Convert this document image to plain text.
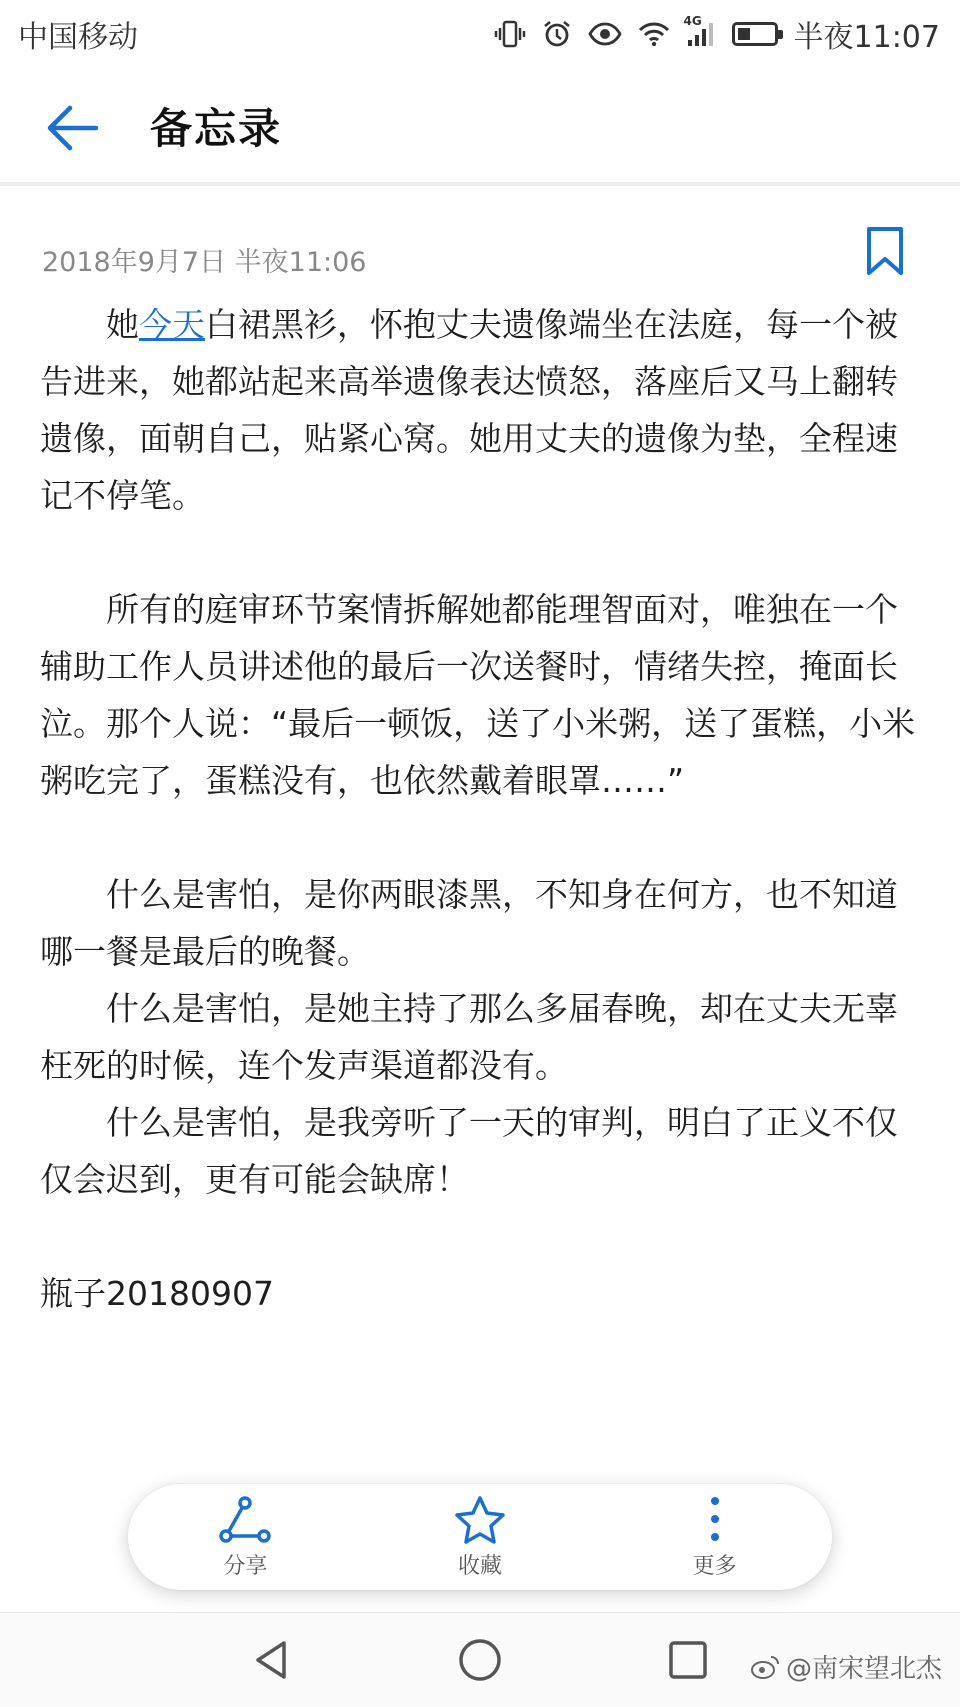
中国移动	4G	半夜11:07
备忘录
2018年9月7日 半夜11:06

她今天白裙黑衫，怀抱丈夫遗像端坐在法庭，每一个被告进来，她都站起来高举遗像表达愤怒，落座后又马上翻转遗像，面朝自己，贴紧心窝。她用丈夫的遗像为垫，全程速记不停笔。

所有的庭审环节案情拆解她都能理智面对，唯独在一个辅助工作人员讲述他的最后一次送餐时，情绪失控，掩面长泣。那个人说：“最后一顿饭，送了小米粥，送了蛋糕，小米粥吃完了，蛋糕没有，也依然戴着眼罩……”

什么是害怕，是你两眼漆黑，不知身在何方，也不知道哪一餐是最后的晚餐。

什么是害怕，是她主持了那么多届春晚，却在丈夫无辜枉死的时候，连个发声渠道都没有。

什么是害怕，是我旁听了一天的审判，明白了正义不仅仅会迟到，更有可能会缺席！

瓶子20180907

分享	收藏	更多
@南宋望北杰
